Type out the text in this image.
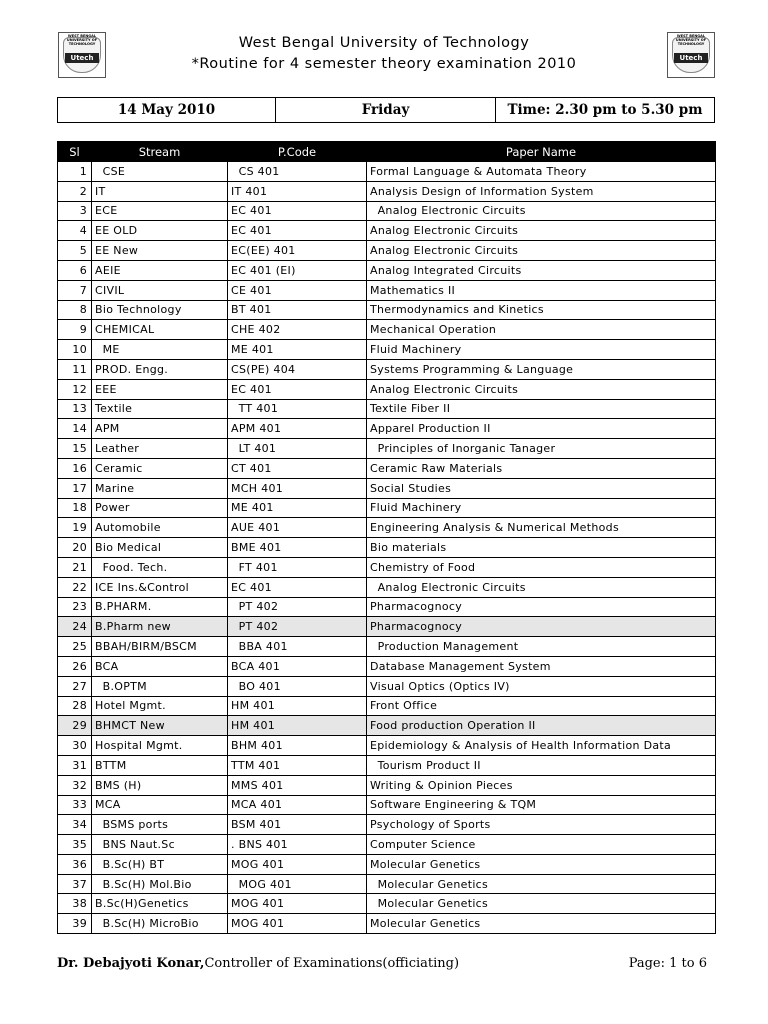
WEST BENGAL UNIVERSITY OF TECHNOLOGY
Utech
WEST BENGAL UNIVERSITY OF TECHNOLOGY
Utech
West Bengal University of Technology
*Routine for 4 semester theory examination 2010
14 May 2010	Friday	Time: 2.30 pm to 5.30 pm
Sl	Stream	P.Code	Paper Name
1	CSE	CS 401	Formal Language & Automata Theory
2	IT	IT 401	Analysis Design of Information System
3	ECE	EC 401	Analog Electronic Circuits
4	EE OLD	EC 401	Analog Electronic Circuits
5	EE New	EC(EE) 401	Analog Electronic Circuits
6	AEIE	EC 401 (EI)	Analog Integrated Circuits
7	CIVIL	CE 401	Mathematics II
8	Bio Technology	BT 401	Thermodynamics and Kinetics
9	CHEMICAL	CHE 402	Mechanical Operation
10	ME	ME 401	Fluid Machinery
11	PROD. Engg.	CS(PE) 404	Systems Programming & Language
12	EEE	EC 401	Analog Electronic Circuits
13	Textile	TT 401	Textile Fiber II
14	APM	APM 401	Apparel Production II
15	Leather	LT 401	Principles of Inorganic Tanager
16	Ceramic	CT 401	Ceramic Raw Materials
17	Marine	MCH 401	Social Studies
18	Power	ME 401	Fluid Machinery
19	Automobile	AUE 401	Engineering Analysis & Numerical Methods
20	Bio Medical	BME 401	Bio materials
21	Food. Tech.	FT 401	Chemistry of Food
22	ICE Ins.&Control	EC 401	Analog Electronic Circuits
23	B.PHARM.	PT 402	Pharmacognocy
24	B.Pharm new	PT 402	Pharmacognocy
25	BBAH/BIRM/BSCM	BBA 401	Production Management
26	BCA	BCA 401	Database Management System
27	B.OPTM	BO 401	Visual Optics (Optics IV)
28	Hotel Mgmt.	HM 401	Front Office
29	BHMCT New	HM 401	Food production Operation II
30	Hospital Mgmt.	BHM 401	Epidemiology & Analysis of Health Information Data
31	BTTM	TTM 401	Tourism Product II
32	BMS (H)	MMS 401	Writing & Opinion Pieces
33	MCA	MCA 401	Software Engineering & TQM
34	BSMS ports	BSM 401	Psychology of Sports
35	BNS Naut.Sc	. BNS 401	Computer Science
36	B.Sc(H) BT	MOG 401	Molecular Genetics
37	B.Sc(H) Mol.Bio	MOG 401	Molecular Genetics
38	B.Sc(H)Genetics	MOG 401	Molecular Genetics
39	B.Sc(H) MicroBio	MOG 401	Molecular Genetics
Dr. Debajyoti Konar,Controller of Examinations(officiating)	Page: 1 to 6
